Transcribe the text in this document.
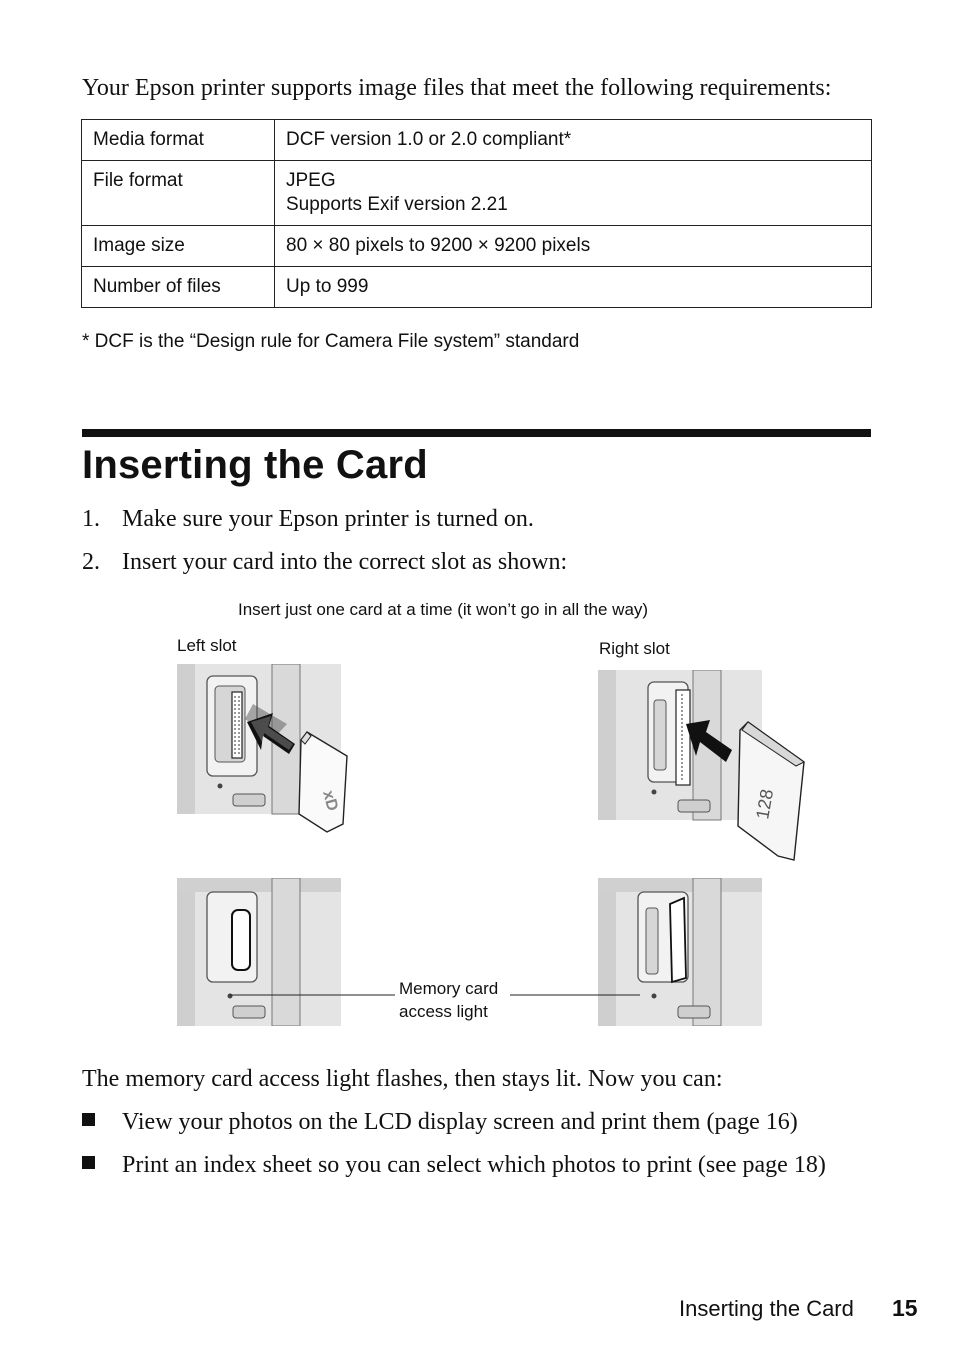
Your Epson printer supports image files that meet the following requirements:
Media format	DCF version 1.0 or 2.0 compliant*
File format	JPEG
Supports Exif version 2.21

Image size	80 × 80 pixels to 9200 × 9200 pixels
Number of files	Up to 999
* DCF is the “Design rule for Camera File system” standard
Inserting the Card
1. Make sure your Epson printer is turned on.
2. Insert your card into the correct slot as shown:
Insert just one card at a time (it won’t go in all the way)
Left slot	Right slot
xD	128
Memory card
access light
The memory card access light flashes, then stays lit. Now you can:
View your photos on the LCD display screen and print them (page 16)
Print an index sheet so you can select which photos to print (see page 18)
Inserting the Card 15
